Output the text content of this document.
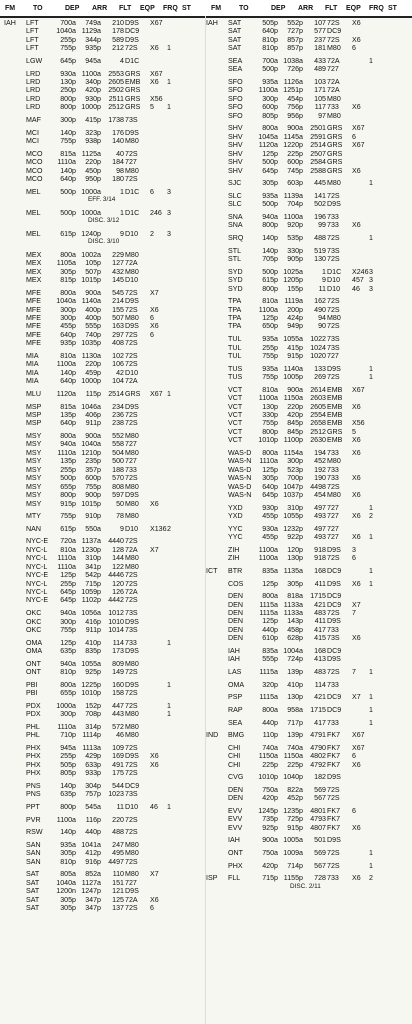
FM	TO	DEP ARR FLT EQP FRQ ST	FM	TO	DEP ARR FLT EQP FRQ ST
IAH	LFT	700a	749a	210 D9S	X67
LFT	1040a 1129a	178 DC9
LFT	255p	344p	589 D9S
LFT	755p	935p	212 72S	X6	1
LGW	645p	945a	4 D1C
LRD	930a 1100a	2553 GRS	X67
LRD	130p	340p	2605 EMB	X6	1
LRD	250p	420p	2502 GRS
LRD	800p	930p	2511 GRS	X56
LRD	800p 1000p	2512 GRS	5	1
MAF	300p	415p	1738 73S
MCI	140p	323p	176 D9S
MCI	755p	938p	140 M80
MCO	815a 1125a	40 72S
MCO	1110a	220p	184 727
MCO	140p	450p	98 M80
MCO	640p	950p	180 72S
MEL	500p 1000a	1 D1C	6	3
EFF. 3/14
MEL	500p 1000a	1 D1C	246 3
DISC. 3/12
MEL	615p 1240p	9 D10	2	3
DISC. 3/10
MEX	800a 1002a	229 M80
MEX	1105a	105p	127 72A
MEX	305p	507p	432 M80
MEX	815p 1015p	145 D10
MFE	800a	900a	545 72S	X7
MFE	1040a 1140a	214 D9S
MFE	300p	400p	155 72S	X6
MFE	300p	400p	507 M80	6
MFE	455p	555p	163 D9S	X6
MFE	640p	740p	297 72S	6
MFE	935p 1035p	408 72S
MIA	810a 1130a	102 72S
MIA	1100a	220p	106 72S
MIA	140p	459p	42 D10
MIA	640p 1000p	104 72A
MLU	1120a	115p	2514 GRS	X67 1
MSP	815a 1046a	234 D9S
MSP	135p	406p	236 72S
MSP	640p	911p	238 72S
MSY	800a	900a	552 M80
MSY	940a 1040a	558 727
MSY	1110a 1210p	504 M80
MSY	135p	235p	500 727
MSY	255p	357p	188 733
MSY	500p	600p	570 72S
MSY	655p	755p	808 M80
MSY	800p	900p	597 D9S
MSY	915p 1015p	50 M80	X6
MTY	755p	910p	78 M80
NAN	615p	550a	9 D10	X136 2
NYC-E	720a 1137a	4440 72S
NYC-L	810a 1230p	128 72A	X7
NYC-L	1110a	310p	144 M80
NYC-L	1110a	341p	122 M80
NYC-E	125p	542p	4446 72S
NYC-L	255p	715p	120 72S
NYC-L	645p 1059p	126 72A
NYC-E	645p 1102p	4442 72S
OKC	940a 1056a	1012 73S
OKC	300p	416p	1010 D9S
OKC	755p	911p	1014 73S
OMA	125p	410p	114 733	1
OMA	635p	835p	173 D9S
ONT	940a 1055a	809 M80
ONT	810p	925p	149 72S
PBI	800a 1225p	160 D9S	1
PBI	655p 1010p	158 72S
PDX	1000a	152p	447 72S	1
PDX	300p	708p	443 M80	1
PHL	1110a	314p	572 M80
PHL	710p 1114p	46 M80
PHX	945a 1113a	109 72S
PHX	255p	429p	169 D9S	X6
PHX	505p	633p	491 72S	X6
PHX	805p	933p	175 72S
PNS	140p	304p	544 DC9
PNS	635p	757p	1023 73S
PPT	800p	545a	11 D10	46	1
PVR	1100a	116p	220 72S
RSW	140p	440p	488 72S
SAN	935a 1041a	247 M80
SAN	305p	412p	495 M80
SAN	810p	916p	4497 72S
SAT	805a	852a	110 M80	X7
SAT	1040a 1127a	151 727
SAT	1200n 1247p	121 D9S
SAT	305p	347p	125 72A	X6
SAT	305p	347p	137 72S	6
IAH	SAT	505p	552p	107 72S	X6
SAT	640p	727p	577 DC9
SAT	810p	857p	237 72S	X6
SAT	810p	857p	181 M80	6
SEA	700a 1038a	433 72A	1
SEA	500p	726p	489 727
SFO	935a 1126a	103 72A
SFO	1100a 1251p	171 72A
SFO	300p	454p	105 M80
SFO	600p	756p	117 733	X6
SFO	805p	956p	97 M80
SHV	800a	900a	2501 GRS	X67
SHV	1045a 1145a	2591 GRS	6
SHV	1120a 1220p	2514 GRS	X67
SHV	125p	225p	2507 GRS
SHV	500p	600p	2584 GRS
SHV	645p	745p	2588 GRS	X6
SJC	305p	603p	445 M80	1
SLC	935a 1139a	141 72S
SLC	500p	704p	502 D9S
SNA	940a 1100a	196 733
SNA	800p	920p	99 733	X6
SRQ	140p	535p	488 72S	1
STL	140p	330p	519 73S
STL	705p	905p	130 72S
SYD	500p 1025a	1 D1C	X246 3
SYD	615p 1205p	9 D10	457 3
SYD	800p	155p	11 D10	46	3
TPA	810a 1119a	162 72S
TPA	1100a	200p	490 72S
TPA	125p	424p	94 M80
TPA	650p	949p	90 72S
TUL	935a 1055a	1022 73S
TUL	255p	415p	1024 73S
TUL	755p	915p	1020 727
TUS	935a 1140a	133 D9S	1
TUS	755p 1005p	269 72S	1
VCT	810a	900a	2614 EMB	X67
VCT	1100a 1150a	2603 EMB
VCT	130p	220p	2605 EMB	X6
VCT	330p	420p	2554 EMB
VCT	755p	845p	2658 EMB	X56
VCT	800p	845p	2512 GRS	5
VCT	1010p 1100p	2630 EMB	X6
WAS-D	800a 1154a	194 733	X6
WAS-N	1110a	300p	452 M80
WAS-D	125p	523p	192 733
WAS-N	305p	700p	190 733	X6
WAS-D	640p 1047p	4498 72S
WAS-N	645p 1037p	454 M80	X6
YXD	930p	310p	497 727	1
YXD	455p 1055p	493 727	X6	2
YYC	930a 1232p	497 727
YYC	455p	922p	493 727	X6	1
ZIH	1100a	120p	918 D9S	3
ZIH	1100a	130p	918 72S	6
ICT	BTR	835a 1135a	168 DC9	1
COS	125p	305p	411 D9S	X6	1
DEN	800a	818a	1715 DC9
DEN	1115a 1133a	421 DC9	X7
DEN	1115a 1133a	483 72S	7
DEN	125p	143p	411 D9S
DEN	440p	458p	417 733
DEN	610p	628p	415 73S	X6
IAH	835a 1004a	168 DC9
IAH	555p	724p	413 D9S
LAS	1115a	139p	483 72S	7	1
OMA	320p	410p	114 733
PSP	1115a	130p	421 DC9	X7	1
RAP	800a	958a	1715 DC9	1
SEA	440p	717p	417 733	1
IND	BMG	110p	139p	4791 FK7	X67
CHI	740a	740a	4790 FK7	X67
CHI	1150a 1150a	4802 FK7	6
CHI	225p	225p	4792 FK7	X6
CVG	1010p 1040p	182 D9S
DEN	750a	822a	569 72S
DEN	420p	452p	567 72S
EVV	1245p 1235p	4801 FK7	6
EVV	735p	725p	4793 FK7
EVV	925p	915p	4807 FK7	X6
IAH	900a 1005a	501 D9S
ONT	750a 1009a	569 72S	1
PHX	420p	714p	567 72S	1
ISP	FLL	715p 1155p	728 733	X6	2
DISC. 2/11
